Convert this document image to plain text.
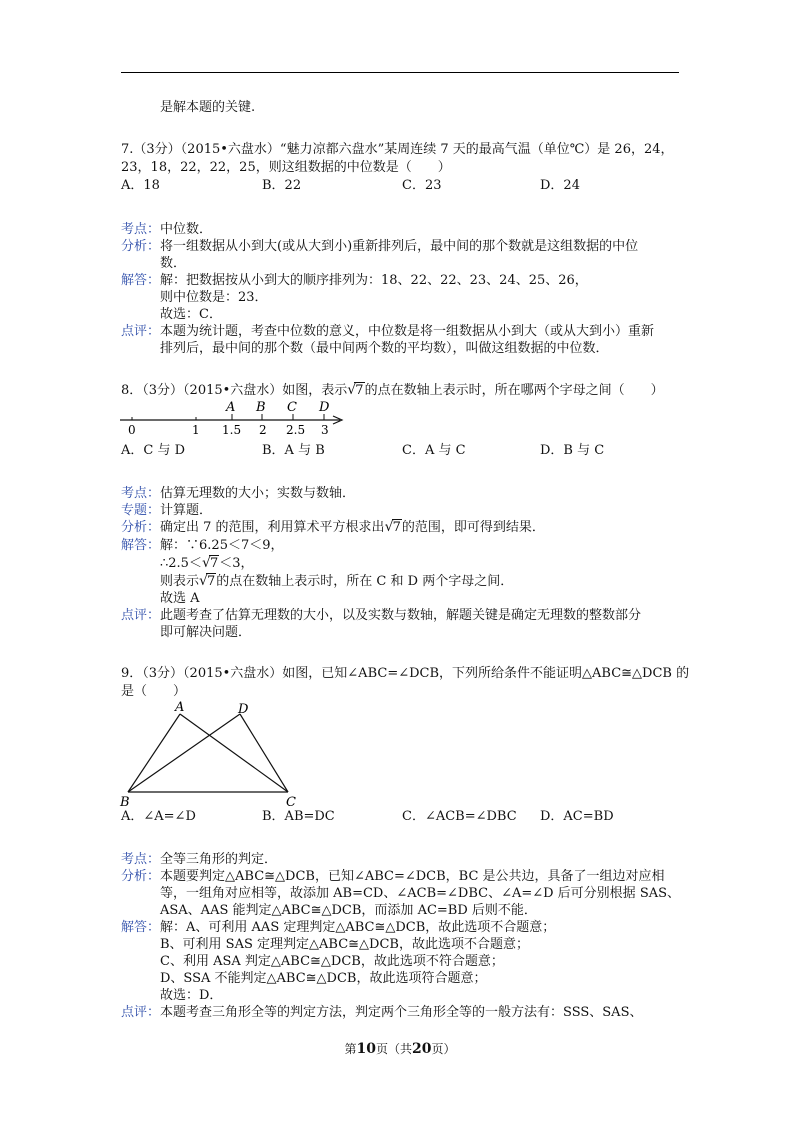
是解本题的关键.
7.（3分）（2015•六盘水）“魅力凉都六盘水”某周连续 7 天的最高气温（单位℃）是 26，24，
23，18，22，22，25，则这组数据的中位数是（　　）
A．18	B．22	C．23	D．24
考点：中位数．
分析：将一组数据从小到大(或从大到小)重新排列后，最中间的那个数就是这组数据的中位
数．
解答：解：把数据按从小到大的顺序排列为：18、22、22、23、24、25、26，
则中位数是：23．
故选：C．
点评：本题为统计题，考查中位数的意义，中位数是将一组数据从小到大（或从大到小）重新
排列后，最中间的那个数（最中间两个数的平均数），叫做这组数据的中位数．
8．（3分）（2015•六盘水）如图，表示 √ 7的点在数轴上表示时，所在哪两个字母之间（　　）
A B C D
0	1 1.5 2 2.5 3
A．C 与 D	B．A 与 B	C．A 与 C	D．B 与 C
考点：估算无理数的大小；实数与数轴．
专题：计算题．
分析：确定出 7 的范围，利用算术平方根求出 √ 7的范围，即可得到结果．
解答：解：∵6.25＜7＜9，
∴2.5＜ √ 7＜3，
则表示 √ 7的点在数轴上表示时，所在 C 和 D 两个字母之间．
故选 A
点评：此题考查了估算无理数的大小，以及实数与数轴，解题关键是确定无理数的整数部分
即可解决问题．
9．（3分）（2015•六盘水）如图，已知∠ABC=∠DCB，下列所给条件不能证明△ABC≅△DCB 的
是（　　）
A	D
B	C
A．∠A=∠D	B．AB=DC	C．∠ACB=∠DBC D．AC=BD
考点：全等三角形的判定．
分析：本题要判定△ABC≅△DCB，已知∠ABC=∠DCB，BC 是公共边，具备了一组边对应相
等，一组角对应相等，故添加 AB=CD、∠ACB=∠DBC、∠A=∠D 后可分别根据 SAS、
ASA、AAS 能判定△ABC≅△DCB，而添加 AC=BD 后则不能．
解答：解：A、可利用 AAS 定理判定△ABC≅△DCB，故此选项不合题意；
B、可利用 SAS 定理判定△ABC≅△DCB，故此选项不合题意；
C、利用 ASA 判定△ABC≅△DCB，故此选项不符合题意；
D、SSA 不能判定△ABC≅△DCB，故此选项符合题意；
故选：D．
点评：本题考查三角形全等的判定方法，判定两个三角形全等的一般方法有：SSS、SAS、
第10页（共20页）
